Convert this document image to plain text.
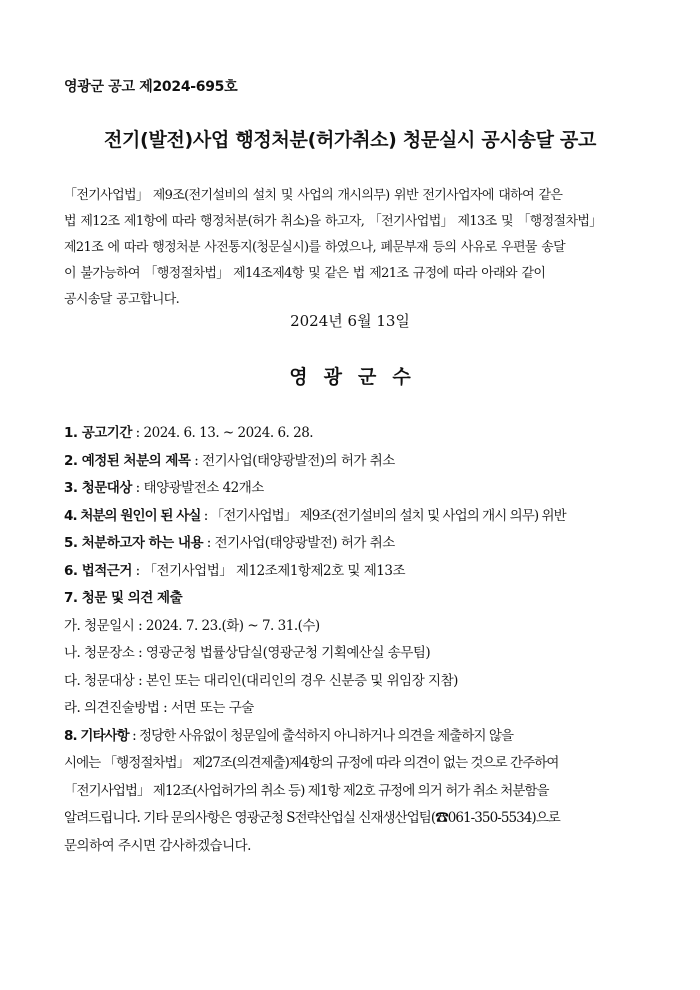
영광군 공고 제2024-695호
전기(발전)사업 행정처분(허가취소) 청문실시 공시송달 공고
「전기사업법」 제9조(전기설비의 설치 및 사업의 개시의무) 위반 전기사업자에 대하여 같은
법 제12조 제1항에 따라 행정처분(허가 취소)을 하고자, 「전기사업법」 제13조 및 「행정절차법」
제21조 에 따라 행정처분 사전통지(청문실시)를 하였으나, 폐문부재 등의 사유로 우편물 송달
이 불가능하여 「행정절차법」 제14조제4항 및 같은 법 제21조 규정에 따라 아래와 같이
공시송달 공고합니다.
2024년 6월 13일
영광군수
1. 공고기간 : 2024. 6. 13. ~ 2024. 6. 28.
2. 예정된 처분의 제목 : 전기사업(태양광발전)의 허가 취소
3. 청문대상 : 태양광발전소 42개소
4. 처분의 원인이 된 사실 : 「전기사업법」 제9조(전기설비의 설치 및 사업의 개시 의무) 위반
5. 처분하고자 하는 내용 : 전기사업(태양광발전) 허가 취소
6. 법적근거 : 「전기사업법」 제12조제1항제2호 및 제13조
7. 청문 및 의견 제출
가. 청문일시 : 2024. 7. 23.(화) ~ 7. 31.(수)
나. 청문장소 : 영광군청 법률상담실(영광군청 기획예산실 송무팀)
다. 청문대상 : 본인 또는 대리인(대리인의 경우 신분증 및 위임장 지참)
라. 의견진술방법 : 서면 또는 구술
8. 기타사항 : 정당한 사유없이 청문일에 출석하지 아니하거나 의견을 제출하지 않을
시에는 「행정절차법」 제27조(의견제출)제4항의 규정에 따라 의견이 없는 것으로 간주하여
「전기사업법」 제12조(사업허가의 취소 등) 제1항 제2호 규정에 의거 허가 취소 처분함을
알려드립니다. 기타 문의사항은 영광군청 S전략산업실 신재생산업팀(☎061-350-5534)으로
문의하여 주시면 감사하겠습니다.
